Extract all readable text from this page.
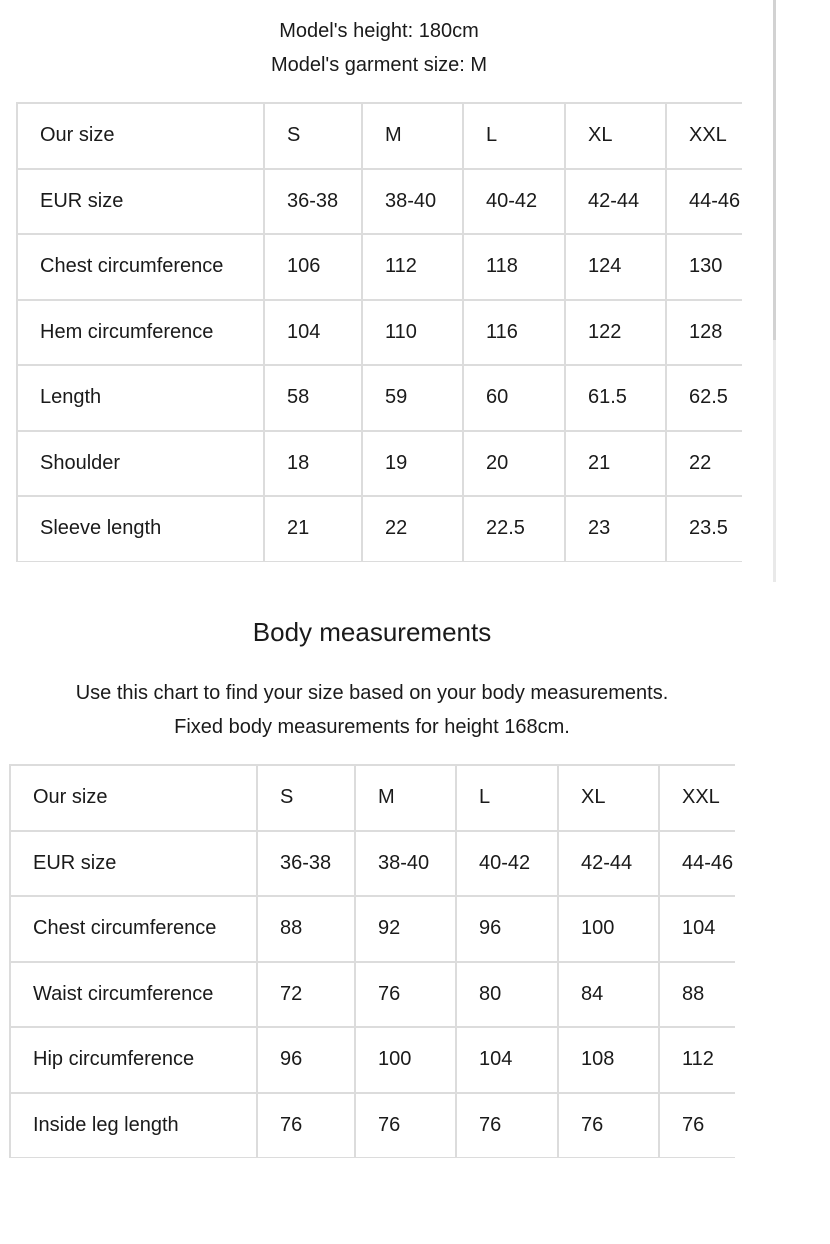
Model's height: 180cm
Model's garment size: M
Our size	S	M	L	XL	XXL
EUR size	36-38	38-40	40-42	42-44	44-46
Chest circumference	106	112	118	124	130
Hem circumference	104	110	116	122	128
Length	58	59	60	61.5	62.5
Shoulder	18	19	20	21	22
Sleeve length	21	22	22.5	23	23.5
Body measurements
Use this chart to find your size based on your body measurements.
Fixed body measurements for height 168cm.
Our size	S	M	L	XL	XXL
EUR size	36-38	38-40	40-42	42-44	44-46
Chest circumference	88	92	96	100	104
Waist circumference	72	76	80	84	88
Hip circumference	96	100	104	108	112
Inside leg length	76	76	76	76	76
